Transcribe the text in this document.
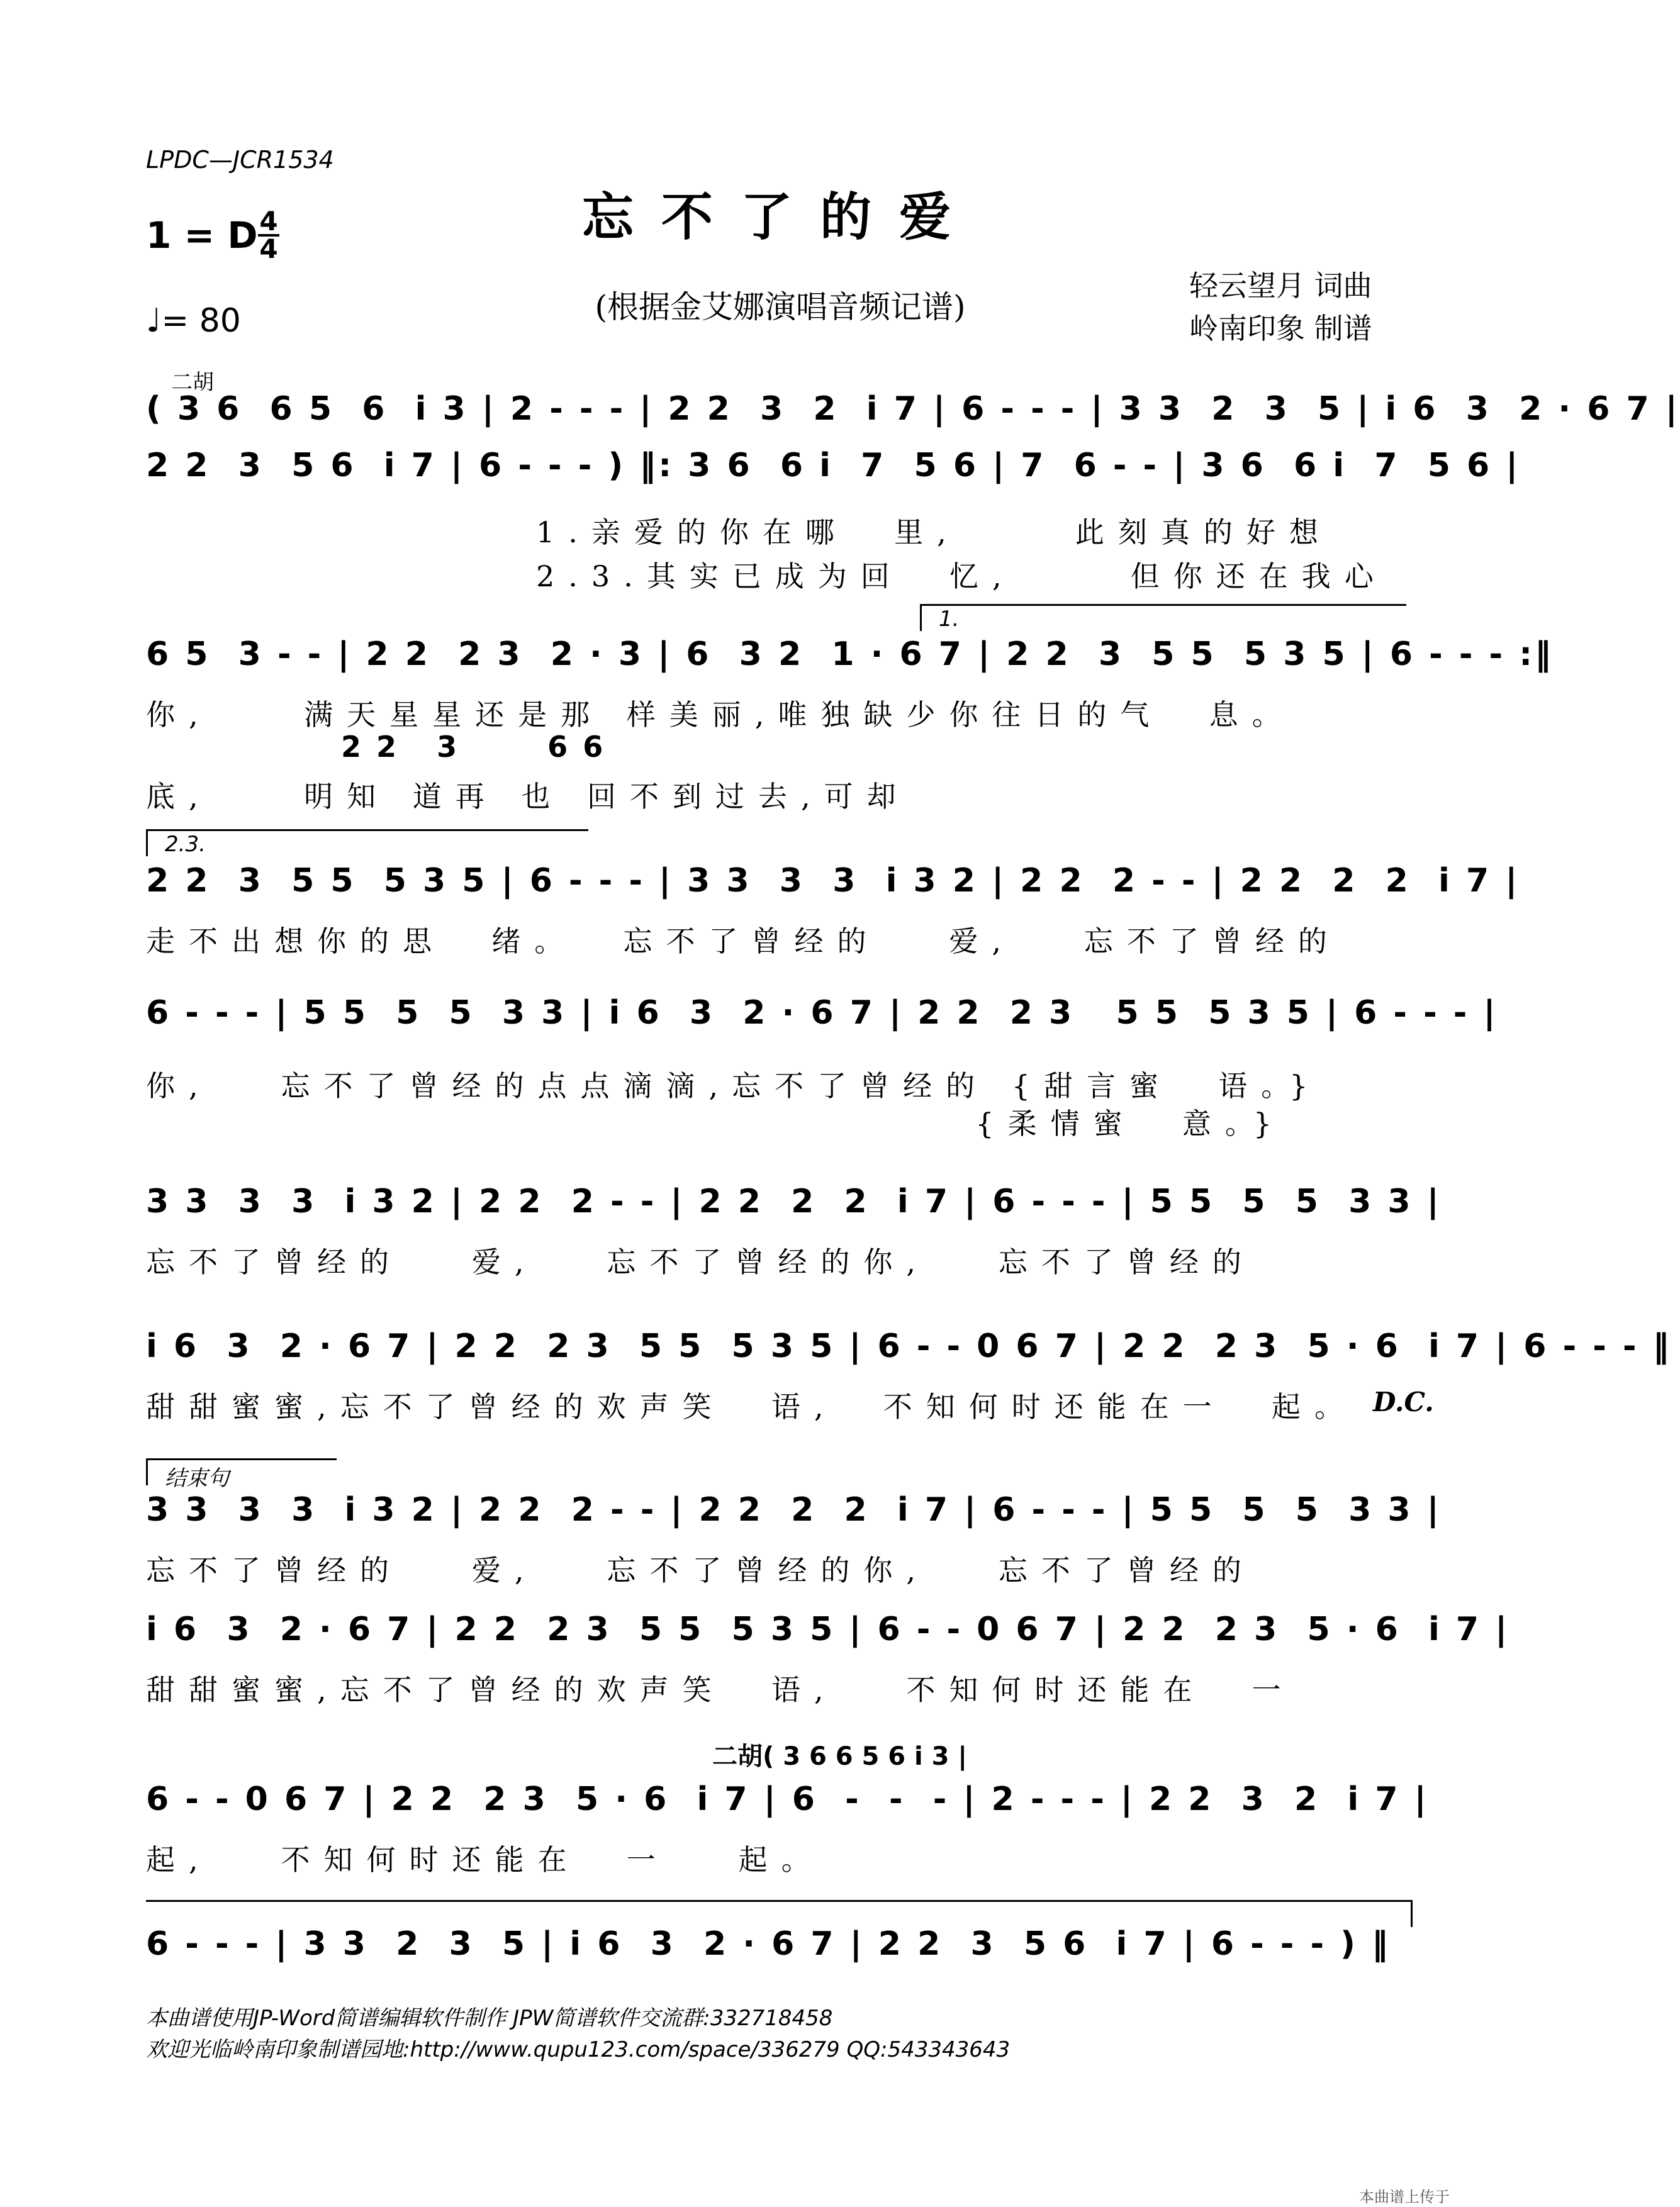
LPDC—JCR1534
忘不了的爱
1 = D 4
4
♩= 80	(根据金艾娜演唱音频记谱)
轻云望月 词曲
岭南印象 制谱
二胡
( 3 6  6 5  6  i 3 | 2 - - - | 2 2  3  2  i 7 | 6 - - - | 3 3  2  3  5 | i 6  3  2 · 6 7 |
2 2  3  5 6  i 7 | 6 - - - ) ‖: 3 6  6 i  7  5 6 | 7  6 - - | 3 6  6 i  7  5 6 |
1.亲爱的你在哪  里,     此刻真的好想
2.3.其实已成为回  忆,     但你还在我心
1.
6 5  3 - - | 2 2  2 3  2 · 3 | 6  3 2  1 · 6 7 | 2 2  3  5 5  5 3 5 | 6 - - - :‖
你,    满天星星还是那 样美丽,唯独缺少你往日的气  息。
2 2   3       6 6
底,    明知 道再 也 回不到过去,可却
2.3.
2 2  3  5 5  5 3 5 | 6 - - - | 3 3  3  3  i 3 2 | 2 2  2 - - | 2 2  2  2  i 7 |
走不出想你的思  绪。  忘不了曾经的   爱,   忘不了曾经的
6 - - - | 5 5  5  5  3 3 | i 6  3  2 · 6 7 | 2 2  2 3   5 5  5 3 5 | 6 - - - |
你,   忘不了曾经的点点滴滴,忘不了曾经的 {甜言蜜  语。}
{柔情蜜  意。}
3 3  3  3  i 3 2 | 2 2  2 - - | 2 2  2  2  i 7 | 6 - - - | 5 5  5  5  3 3 |
忘不了曾经的   爱,   忘不了曾经的你,   忘不了曾经的
i 6  3  2 · 6 7 | 2 2  2 3  5 5  5 3 5 | 6 - - 0 6 7 | 2 2  2 3  5 · 6  i 7 | 6 - - - ‖
甜甜蜜蜜,忘不了曾经的欢声笑  语,  不知何时还能在一  起。 D.C.
结束句
3 3  3  3  i 3 2 | 2 2  2 - - | 2 2  2  2  i 7 | 6 - - - | 5 5  5  5  3 3 |
忘不了曾经的   爱,   忘不了曾经的你,   忘不了曾经的
i 6  3  2 · 6 7 | 2 2  2 3  5 5  5 3 5 | 6 - - 0 6 7 | 2 2  2 3  5 · 6  i 7 |
甜甜蜜蜜,忘不了曾经的欢声笑  语,   不知何时还能在  一
二胡( 3 6 6 5 6 i 3 |
6 - - 0 6 7 | 2 2  2 3  5 · 6  i 7 | 6  -  -  - | 2 - - - | 2 2  3  2  i 7 |
起,   不知何时还能在  一   起。
6 - - - | 3 3  2  3  5 | i 6  3  2 · 6 7 | 2 2  3  5 6  i 7 | 6 - - - ) ‖
本曲谱使用JP-Word简谱编辑软件制作 JPW简谱软件交流群:332718458
欢迎光临岭南印象制谱园地:http://www.qupu123.com/space/336279 QQ:543343643
本曲谱上传于
